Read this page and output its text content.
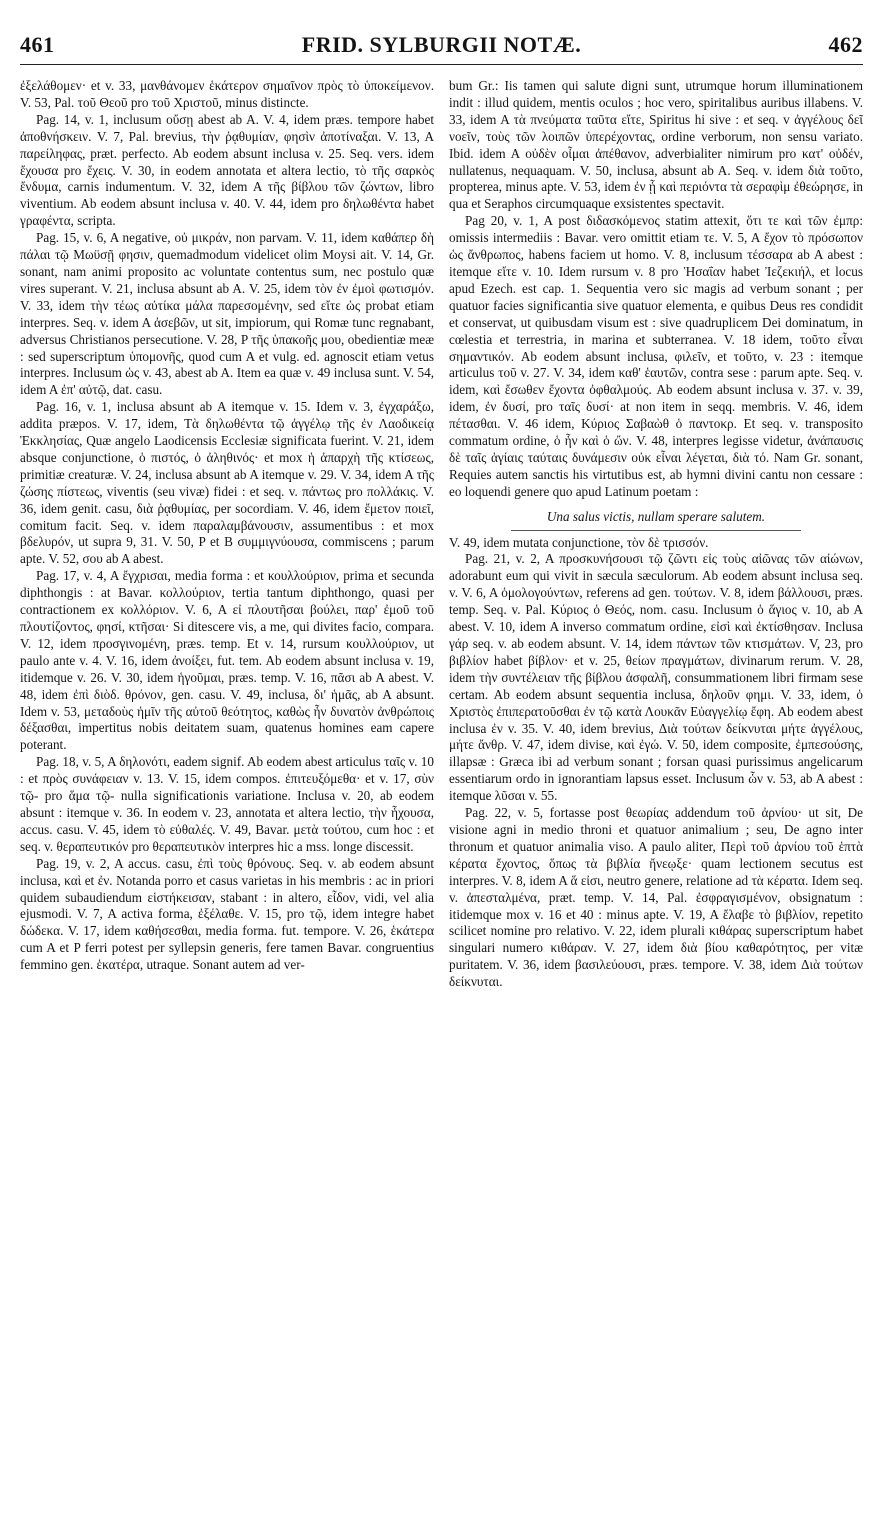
461	FRID. SYLBURGII NOTÆ.	462

ἐξελάθομεν· et v. 33, μανθάνομεν ἑκάτερον σημαῖνον πρὸς τὸ ὑποκείμενον. V. 53, Pal. τοῦ Θεοῦ pro τοῦ Χριστοῦ, minus distincte.

Pag. 14, v. 1, inclusum οὔσῃ abest ab A. V. 4, idem præs. tempore habet ἀποθνήσκειν. V. 7, Pal. brevius, τὴν ῥᾳθυμίαν, φησὶν ἀποτίναξαι. V. 13, A παρείληφας, præt. perfecto. Ab eodem absunt inclusa v. 25. Seq. vers. idem ἔχουσα pro ἔχεις. V. 30, in eodem annotata et altera lectio, τὸ τῆς σαρκὸς ἔνδυμα, carnis indumentum. V. 32, idem A τῆς βίβλου τῶν ζώντων, libro viventium. Ab eodem absunt inclusa v. 40. V. 44, idem pro δηλωθέντα habet γραφέντα, scripta.

Pag. 15, v. 6, A negative, οὐ μικράν, non parvam. V. 11, idem καθάπερ δὴ πάλαι τῷ Μωϋσῇ φησιν, quemadmodum videlicet olim Moysi ait. V. 14, Gr. sonant, nam animi proposito ac voluntate contentus sum, nec postulo quæ vires superant. V. 21, inclusa absunt ab A. V. 25, idem τὸν ἐν ἐμοὶ φωτισμόν. V. 33, idem τὴν τέως αὐτίκα μάλα παρεσομένην, sed εἴτε ὡς probat etiam interpres. Seq. v. idem A ἀσεβῶν, ut sit, impiorum, qui Romæ tunc regnabant, adversus Christianos persecutione. V. 28, P τῆς ὑπακοῆς μου, obedientiæ meæ : sed superscriptum ὑπομονῆς, quod cum A et vulg. ed. agnoscit etiam vetus interpres. Inclusum ὡς v. 43, abest ab A. Item ea quæ v. 49 inclusa sunt. V. 54, idem A ἐπ' αὐτῷ, dat. casu.

Pag. 16, v. 1, inclusa absunt ab A itemque v. 15. Idem v. 3, ἐγχαράξω, addita præpos. V. 17, idem, Τὰ δηλωθέντα τῷ ἀγγέλῳ τῆς ἐν Λαοδικείᾳ Ἐκκλησίας, Quæ angelo Laodicensis Ecclesiæ significata fuerint. V. 21, idem absque conjunctione, ὁ πιστός, ὁ ἀληθινός· et mox ἡ ἀπαρχὴ τῆς κτίσεως, primitiæ creaturæ. V. 24, inclusa absunt ab A itemque v. 29. V. 34, idem A τῆς ζώσης πίστεως, viventis (seu vivæ) fidei : et seq. v. πάντως pro πολλάκις. V. 36, idem genit. casu, διὰ ῥᾳθυμίας, per socordiam. V. 46, idem ἔμετον ποιεῖ, comitum facit. Seq. v. idem παραλαμβάνουσιν, assumentibus : et mox βδελυρόν, ut supra 9, 31. V. 50, P et B συμμιγνύουσα, commiscens ; parum apte. V. 52, σου ab A abest.

Pag. 17, v. 4, A ἔγχρισαι, media forma : et κουλλούριον, prima et secunda diphthongis : at Bavar. κολλούριον, tertia tantum diphthongo, quasi per contractionem ex κολλόριον. V. 6, A εἰ πλουτῆσαι βούλει, παρ' ἐμοῦ τοῦ πλουτίζοντος, φησί, κτῆσαι· Si ditescere vis, a me, qui divites facio, compara. V. 12, idem προσγινομένη, præs. temp. Et v. 14, rursum κουλλούριον, ut paulo ante v. 4. V. 16, idem ἀνοίξει, fut. tem. Ab eodem absunt inclusa v. 19, itidemque v. 26. V. 30, idem ἡγοῦμαι, præs. temp. V. 16, πᾶσι ab A abest. V. 48, idem ἐπὶ διὸδ. θρόνον, gen. casu. V. 49, inclusa, δι' ἡμᾶς, ab A absunt. Idem v. 53, μεταδοὺς ἡμῖν τῆς αὐτοῦ θεότητος, καθὼς ἦν δυνατὸν ἀνθρώποις δέξασθαι, impertitus nobis deitatem suam, quatenus homines eam capere poterant.

Pag. 18, v. 5, A δηλονότι, eadem signif. Ab eodem abest articulus ταῖς v. 10 : et πρὸς συνάφειαν v. 13. V. 15, idem compos. ἐπιτευξόμεθα· et v. 17, σὺν τῷ- pro ἅμα τῷ- nulla significationis variatione. Inclusa v. 20, ab eodem absunt : itemque v. 36. In eodem v. 23, annotata et altera lectio, τὴν ἧχουσα, accus. casu. V. 45, idem τὸ εὐθαλές. V. 49, Bavar. μετὰ τούτου, cum hoc : et seq. v. θεραπευτικόν pro θεραπευτικὸν interpres hic a mss. longe discessit.

Pag. 19, v. 2, A accus. casu, ἐπὶ τοὺς θρόνους. Seq. v. ab eodem absunt inclusa, καὶ et ἐν. Notanda porro et casus varietas in his membris : ac in priori quidem subaudiendum εἱστήκεισαν, stabant : in altero, εἶδον, vidi, vel alia ejusmodi. V. 7, A activa forma, ἐξέλαθε. V. 15, pro τῷ, idem integre habet δώδεκα. V. 17, idem καθήσεσθαι, media forma. fut. tempore. V. 26, ἑκάτερα cum A et P ferri potest per syllepsin generis, fere tamen Bavar. congruentius femmino gen. ἑκατέρα, utraque. Sonant autem ad ver-

bum Gr.: Iis tamen qui salute digni sunt, utrumque horum illuminationem indit : illud quidem, mentis oculos ; hoc vero, spiritalibus auribus illabens. V. 33, idem A τὰ πνεύματα ταῦτα εἴτε, Spiritus hi sive : et seq. v ἀγγέλους δεῖ νοεῖν, τοὺς τῶν λοιπῶν ὑπερέχοντας, ordine verborum, non sensu variato. Ibid. idem A οὐδὲν οἶμαι ἀπέθανον, adverbialiter nimirum pro κατ' οὐδέν, nullatenus, nequaquam. V. 50, inclusa, absunt ab A. Seq. v. idem διὰ τοῦτο, propterea, minus apte. V. 53, idem ἐν ᾗ καὶ περιόντα τὰ σεραφὶμ ἐθεώρησε, in qua et Seraphos circumquaque exsistentes spectavit.

Pag 20, v. 1, A post διδασκόμενος statim attexit, ὅτι τε καὶ τῶν ἐμπρ: omissis intermediis : Bavar. vero omittit etiam τε. V. 5, A ἔχον τὸ πρόσωπον ὡς ἄνθρωπος, habens faciem ut homo. V. 8, inclusum τέσσαρα ab A abest : itemque εἴτε v. 10. Idem rursum v. 8 pro Ἡσαΐαν habet Ἰεζεκιήλ, et locus apud Ezech. est cap. 1. Sequentia vero sic magis ad verbum sonant ; per quatuor facies significantia sive quatuor elementa, e quibus Deus res condidit et conservat, ut quibusdam visum est : sive quadruplicem Dei dominatum, in cœlestia et terrestria, in marina et subterranea. V. 18 idem, τοῦτο εἶναι σημαντικόν. Ab eodem absunt inclusa, φιλεῖν, et τοῦτο, v. 23 : itemque articulus τοῦ v. 27. V. 34, idem καθ' ἑαυτῶν, contra sese : parum apte. Seq. v. idem, καὶ ἔσωθεν ἔχοντα ὀφθαλμούς. Ab eodem absunt inclusa v. 37. v. 39, idem, ἐν δυσί, pro ταῖς δυσί· at non item in seqq. membris. V. 46, idem πέτασθαι. V. 46 idem, Κύριος Σαβαὼθ ὁ παντοκρ. Et seq. v. transposito commatum ordine, ὁ ἦν καὶ ὁ ὤν. V. 48, interpres legisse videtur, ἀνάπαυσις δὲ ταῖς ἁγίαις ταύταις δυνάμεσιν οὐκ εἶναι λέγεται, διὰ τό. Nam Gr. sonant, Requies autem sanctis his virtutibus est, ab hymni divini cantu non cessare : eo loquendi genere quo apud Latinum poetam :

Una salus victis, nullam sperare salutem.

V. 49, idem mutata conjunctione, τὸν δὲ τρισσόν.

Pag. 21, v. 2, A προσκυνήσουσι τῷ ζῶντι εἰς τοὺς αἰῶνας τῶν αἰώνων, adorabunt eum qui vivit in sæcula sæculorum. Ab eodem absunt inclusa seq. v. V. 6, A ὁμολογούντων, referens ad gen. τούτων. V. 8, idem βάλλουσι, præs. temp. Seq. v. Pal. Κύριος ὁ Θεός, nom. casu. Inclusum ὁ ἅγιος v. 10, ab A abest. V. 10, idem A inverso commatum ordine, εἰσὶ καὶ ἐκτίσθησαν. Inclusa γάρ seq. v. ab eodem absunt. V. 14, idem πάντων τῶν κτισμάτων. V, 23, pro βιβλίον habet βίβλον· et v. 25, θείων πραγμάτων, divinarum rerum. V. 28, idem τὴν συντέλειαν τῆς βίβλου ἀσφαλῆ, consummationem libri firmam sese certam. Ab eodem absunt sequentia inclusa, δηλοῦν φημι. V. 33, idem, ὁ Χριστὸς ἐπιπερατοῦσθαι ἐν τῷ κατὰ Λουκᾶν Εὐαγγελίῳ ἔφη. Ab eodem abest inclusa ἐν v. 35. V. 40, idem brevius, Διὰ τούτων δείκνυται μήτε ἀγγέλους, μήτε ἄνθρ. V. 47, idem divise, καὶ ἐγώ. V. 50, idem composite, ἐμπεσούσης, illapsæ : Græca ibi ad verbum sonant ; forsan quasi purissimus angelicarum essentiarum ordo in ignorantiam lapsus esset. Inclusum ὧν v. 53, ab A abest : itemque λῦσαι v. 55.

Pag. 22, v. 5, fortasse post θεωρίας addendum τοῦ ἀρνίου· ut sit, De visione agni in medio throni et quatuor animalium ; seu, De agno inter thronum et quatuor animalia viso. A paulo aliter, Περὶ τοῦ ἀρνίου τοῦ ἑπτὰ κέρατα ἔχοντος, ὅπως τὰ βιβλία ἤνεῳξε· quam lectionem secutus est interpres. V. 8, idem A ἅ εἰσι, neutro genere, relatione ad τὰ κέρατα. Idem seq. v. ἀπεσταλμένα, præt. temp. V. 14, Pal. ἐσφραγισμένον, obsignatum : itidemque mox v. 16 et 40 : minus apte. V. 19, A ἔλαβε τὸ βιβλίον, repetito scilicet nomine pro relativo. V. 22, idem plurali κιθάρας superscriptum habet singulari numero κιθάραν. V. 27, idem διὰ βίου καθαρότητος, per vitæ puritatem. V. 36, idem βασιλεύουσι, præs. tempore. V. 38, idem Διὰ τούτων δείκνυται.
